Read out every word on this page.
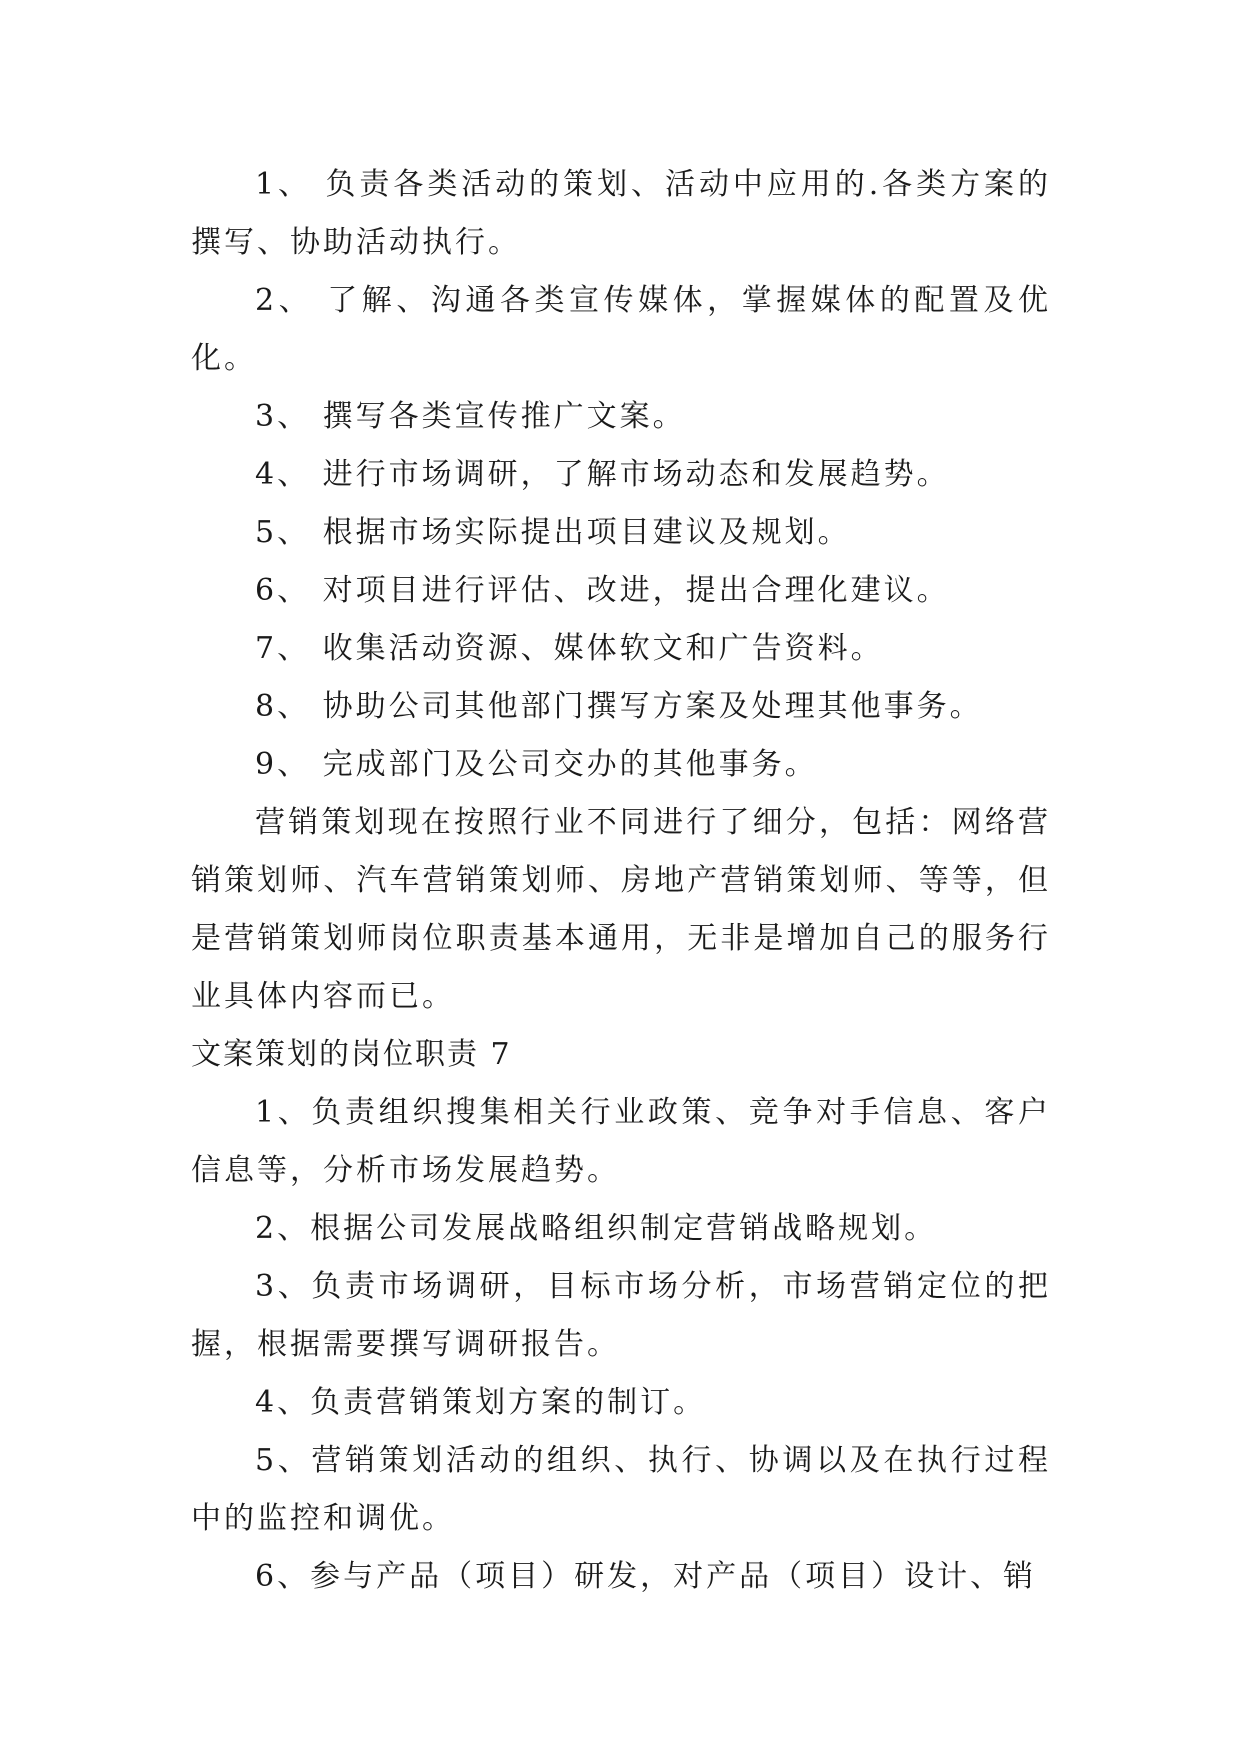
1、 负责各类活动的策划、活动中应用的.各类方案的撰写、协助活动执行。

2、 了解、沟通各类宣传媒体，掌握媒体的配置及优化。

3、 撰写各类宣传推广文案。

4、 进行市场调研，了解市场动态和发展趋势。

5、 根据市场实际提出项目建议及规划。

6、 对项目进行评估、改进，提出合理化建议。

7、 收集活动资源、媒体软文和广告资料。

8、 协助公司其他部门撰写方案及处理其他事务。

9、 完成部门及公司交办的其他事务。

营销策划现在按照行业不同进行了细分，包括：网络营销策划师、汽车营销策划师、房地产营销策划师、等等，但是营销策划师岗位职责基本通用，无非是增加自己的服务行业具体内容而已。

文案策划的岗位职责 7

1、负责组织搜集相关行业政策、竞争对手信息、客户信息等，分析市场发展趋势。

2、根据公司发展战略组织制定营销战略规划。

3、负责市场调研，目标市场分析，市场营销定位的把握，根据需要撰写调研报告。

4、负责营销策划方案的制订。

5、营销策划活动的组织、执行、协调以及在执行过程中的监控和调优。

6、参与产品（项目）研发，对产品（项目）设计、销
